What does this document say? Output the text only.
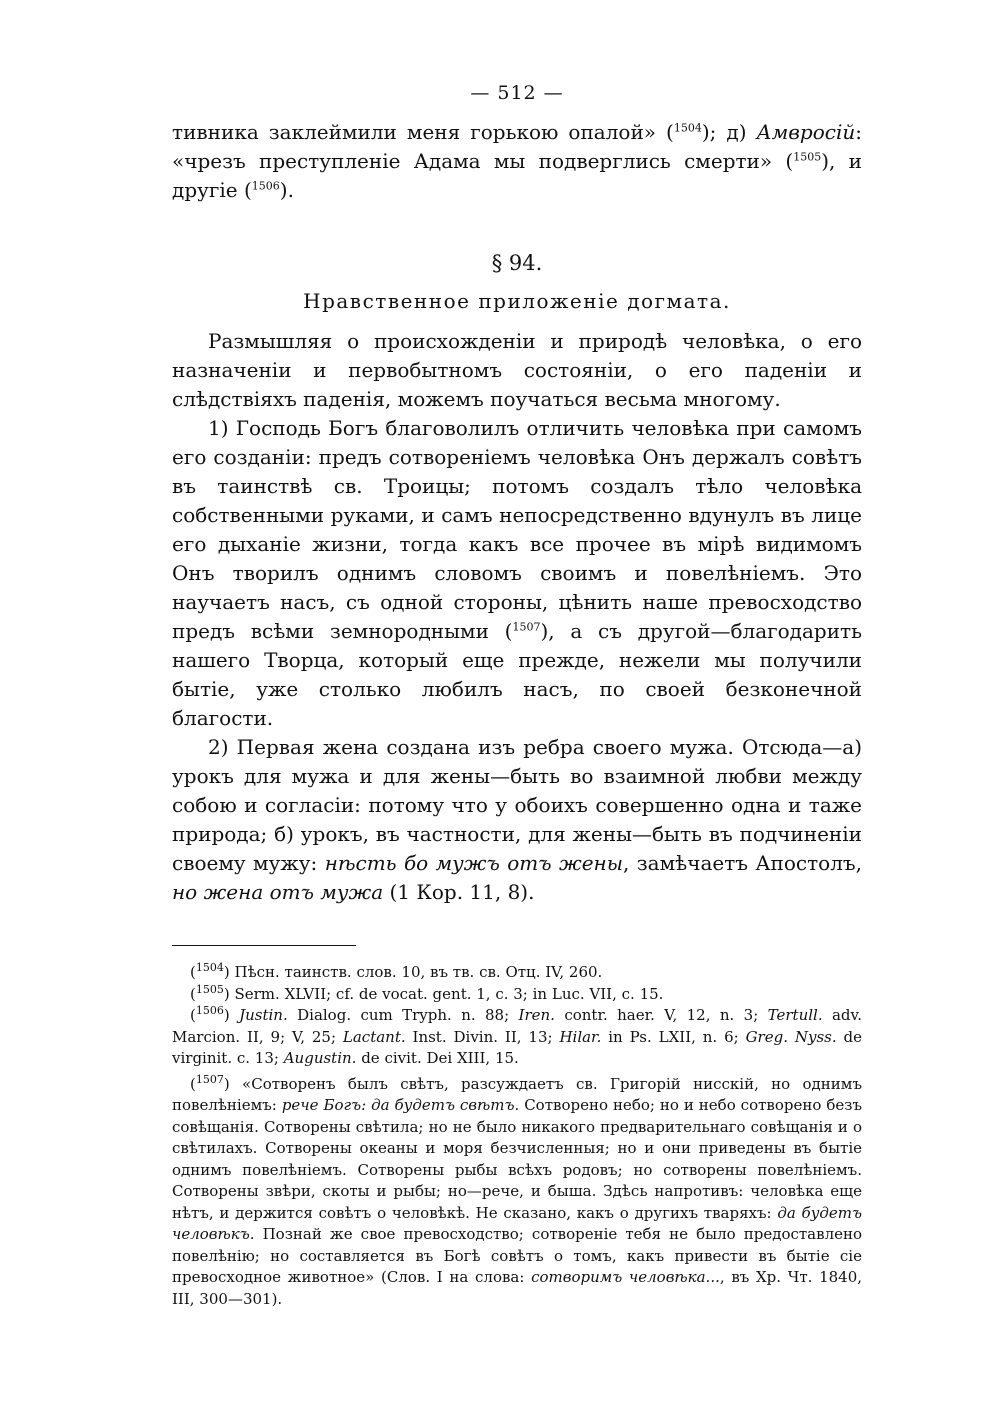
— 512 —

тивника заклеймили меня горькою опалой» ($^{1504}$); д) Амвросій: «чрезъ преступленіе Адама мы подверглись смерти» ($^{1505}$), и другіе ($^{1506}$).

§ 94.
Нравственное приложеніе догмата.

Размышляя о происхожденіи и природѣ человѣка, о его назначеніи и первобытномъ состояніи, о его паденіи и слѣдствіяхъ паденія, можемъ поучаться весьма многому.

1) Господь Богъ благоволилъ отличить человѣка при самомъ его созданіи: предъ сотвореніемъ человѣка Онъ держалъ совѣтъ въ таинствѣ св. Троицы; потомъ создалъ тѣло человѣка собственными руками, и самъ непосредственно вдунулъ въ лице его дыханіе жизни, тогда какъ все прочее въ мірѣ видимомъ Онъ творилъ однимъ словомъ своимъ и повелѣніемъ. Это научаетъ насъ, съ одной стороны, цѣнить наше превосходство предъ всѣми земнородными ($^{1507}$), а съ другой—благодарить нашего Творца, который еще прежде, нежели мы получили бытіе, уже столько любилъ насъ, по своей безконечной благости.

2) Первая жена создана изъ ребра своего мужа. Отсюда—а) урокъ для мужа и для жены—быть во взаимной любви между собою и согласіи: потому что у обоихъ совершенно одна и таже природа; б) урокъ, въ частности, для жены—быть въ подчиненіи своему мужу: нѣсть бо мужъ отъ жены, замѣчаетъ Апостолъ, но жена отъ мужа (1 Кор. 11, 8).

($^{1504}$) Пѣсн. таинств. слов. 10, въ тв. св. Отц. IV, 260.

($^{1505}$) Serm. XLVII; cf. de vocat. gent. 1, c. 3; in Luc. VII, c. 15.

($^{1506}$) Justin. Dialog. cum Tryph. n. 88; Iren. contr. haer. V, 12, n. 3; Tertull. adv. Marcion. II, 9; V, 25; Lactant. Inst. Divin. II, 13; Hilar. in Ps. LXII, n. 6; Greg. Nyss. de virginit. c. 13; Augustin. de civit. Dei XIII, 15.

($^{1507}$) «Сотворенъ былъ свѣтъ, разсуждаетъ св. Григорій нисскій, но однимъ повелѣніемъ: рече Богъ: да будетъ свѣтъ. Сотворено небо; но и небо сотворено безъ совѣщанія. Сотворены свѣтила; но не было никакого предварительнаго совѣщанія и о свѣтилахъ. Сотворены океаны и моря безчисленныя; но и они приведены въ бытіе однимъ повелѣніемъ. Сотворены рыбы всѣхъ родовъ; но сотворены повелѣніемъ. Сотворены звѣри, скоты и рыбы; но—рече, и быша. Здѣсь напротивъ: человѣка еще нѣтъ, и держится совѣтъ о человѣкѣ. Не сказано, какъ о другихъ тваряхъ: да будетъ человѣкъ. Познай же свое превосходство; сотвореніе тебя не было предоставлено повелѣнію; но составляется въ Богѣ совѣтъ о томъ, какъ привести въ бытіе сіе превосходное животное» (Слов. I на слова: сотворимъ человѣка..., въ Хр. Чт. 1840, III, 300—301).
